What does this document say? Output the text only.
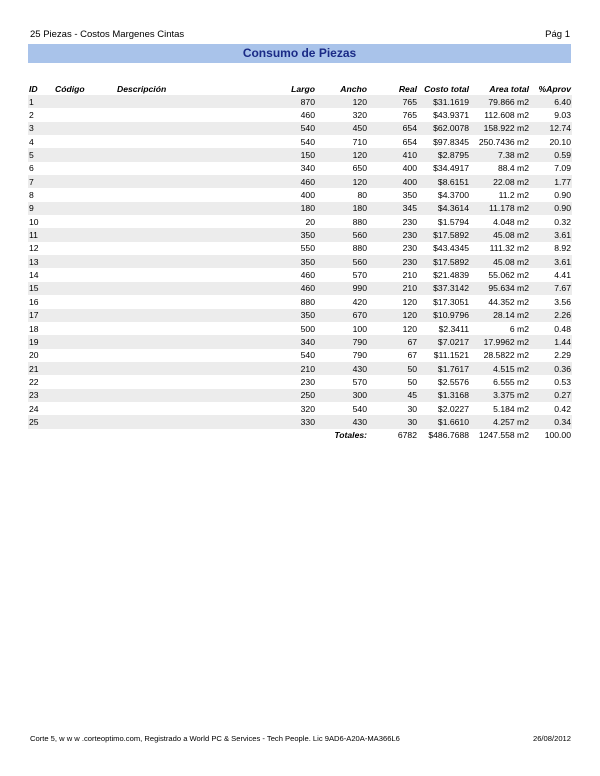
25 Piezas - Costos Margenes Cintas	Pág 1
Consumo de Piezas
ID	Código	Descripción	Largo	Ancho	Real	Costo total	Area total	%Aprov
1			870	120	765	$31.1619	79.866 m2	6.40
2			460	320	765	$43.9371	112.608 m2	9.03
3			540	450	654	$62.0078	158.922 m2	12.74
4			540	710	654	$97.8345	250.7436 m2	20.10
5			150	120	410	$2.8795	7.38 m2	0.59
6			340	650	400	$34.4917	88.4 m2	7.09
7			460	120	400	$8.6151	22.08 m2	1.77
8			400	80	350	$4.3700	11.2 m2	0.90
9			180	180	345	$4.3614	11.178 m2	0.90
10			20	880	230	$1.5794	4.048 m2	0.32
11			350	560	230	$17.5892	45.08 m2	3.61
12			550	880	230	$43.4345	111.32 m2	8.92
13			350	560	230	$17.5892	45.08 m2	3.61
14			460	570	210	$21.4839	55.062 m2	4.41
15			460	990	210	$37.3142	95.634 m2	7.67
16			880	420	120	$17.3051	44.352 m2	3.56
17			350	670	120	$10.9796	28.14 m2	2.26
18			500	100	120	$2.3411	6 m2	0.48
19			340	790	67	$7.0217	17.9962 m2	1.44
20			540	790	67	$11.1521	28.5822 m2	2.29
21			210	430	50	$1.7617	4.515 m2	0.36
22			230	570	50	$2.5576	6.555 m2	0.53
23			250	300	45	$1.3168	3.375 m2	0.27
24			320	540	30	$2.0227	5.184 m2	0.42
25			330	430	30	$1.6610	4.257 m2	0.34
Totales:					6782	$486.7688	1247.558 m2	100.00
Corte 5, w w w .corteoptimo.com, Registrado a World PC & Services - Tech People. Lic 9AD6-A20A-MA366L6	26/08/2012
